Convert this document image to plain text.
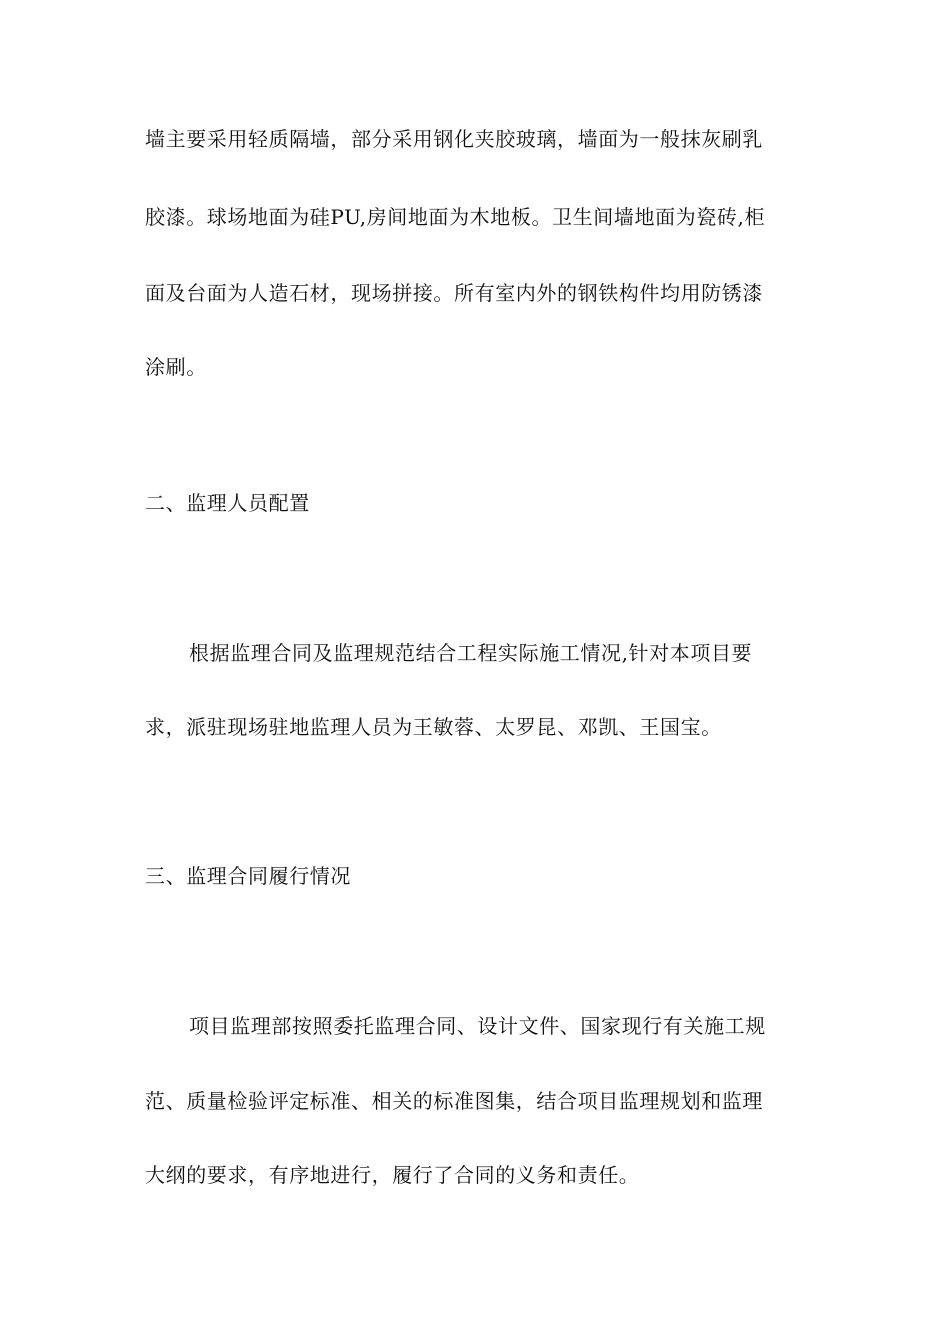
墙主要采用轻质隔墙，部分采用钢化夹胶玻璃，墙面为一般抹灰刷乳
胶漆。球场地面为硅PU,房间地面为木地板。卫生间墙地面为瓷砖,柜
面及台面为人造石材，现场拼接。所有室内外的钢铁构件均用防锈漆
涂刷。
二、监理人员配置
根据监理合同及监理规范结合工程实际施工情况,针对本项目要
求，派驻现场驻地监理人员为王敏蓉、太罗昆、邓凯、王国宝。
三、监理合同履行情况
项目监理部按照委托监理合同、设计文件、国家现行有关施工规
范、质量检验评定标准、相关的标准图集，结合项目监理规划和监理
大纲的要求，有序地进行，履行了合同的义务和责任。
